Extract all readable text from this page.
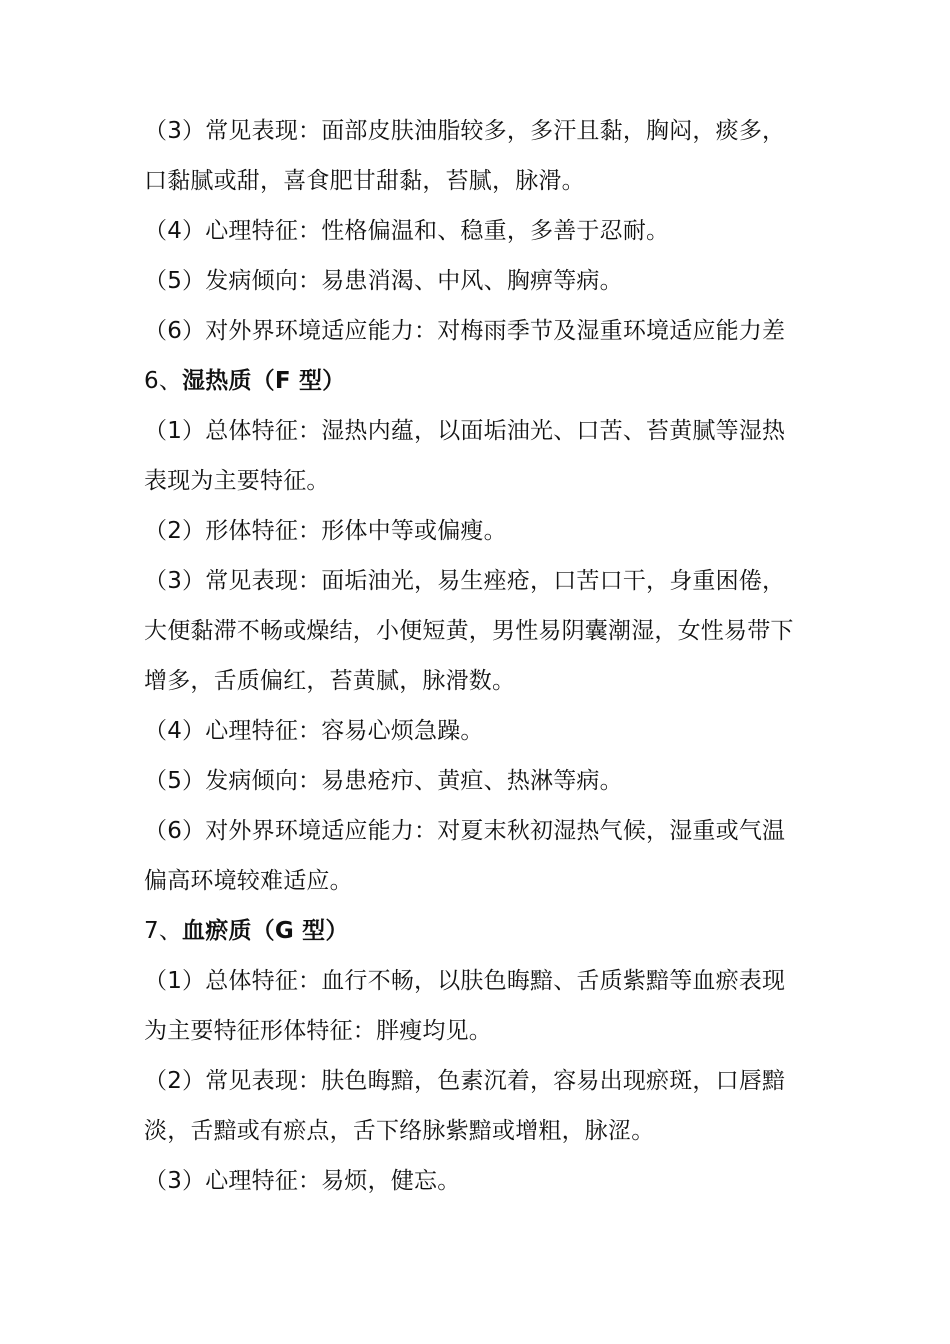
（3）常见表现：面部皮肤油脂较多，多汗且黏，胸闷，痰多，
口黏腻或甜，喜食肥甘甜黏，苔腻，脉滑。
（4）心理特征：性格偏温和、稳重，多善于忍耐。
（5）发病倾向：易患消渴、中风、胸痹等病。
（6）对外界环境适应能力：对梅雨季节及湿重环境适应能力差
6、湿热质（F 型）
（1）总体特征：湿热内蕴，以面垢油光、口苦、苔黄腻等湿热
表现为主要特征。
（2）形体特征：形体中等或偏瘦。
（3）常见表现：面垢油光，易生痤疮，口苦口干，身重困倦，
大便黏滞不畅或燥结，小便短黄，男性易阴囊潮湿，女性易带下
增多，舌质偏红，苔黄腻，脉滑数。
（4）心理特征：容易心烦急躁。
（5）发病倾向：易患疮疖、黄疸、热淋等病。
（6）对外界环境适应能力：对夏末秋初湿热气候，湿重或气温
偏高环境较难适应。
7、血瘀质（G 型）
（1）总体特征：血行不畅，以肤色晦黯、舌质紫黯等血瘀表现
为主要特征形体特征：胖瘦均见。
（2）常见表现：肤色晦黯，色素沉着，容易出现瘀斑，口唇黯
淡，舌黯或有瘀点，舌下络脉紫黯或增粗，脉涩。
（3）心理特征：易烦，健忘。
